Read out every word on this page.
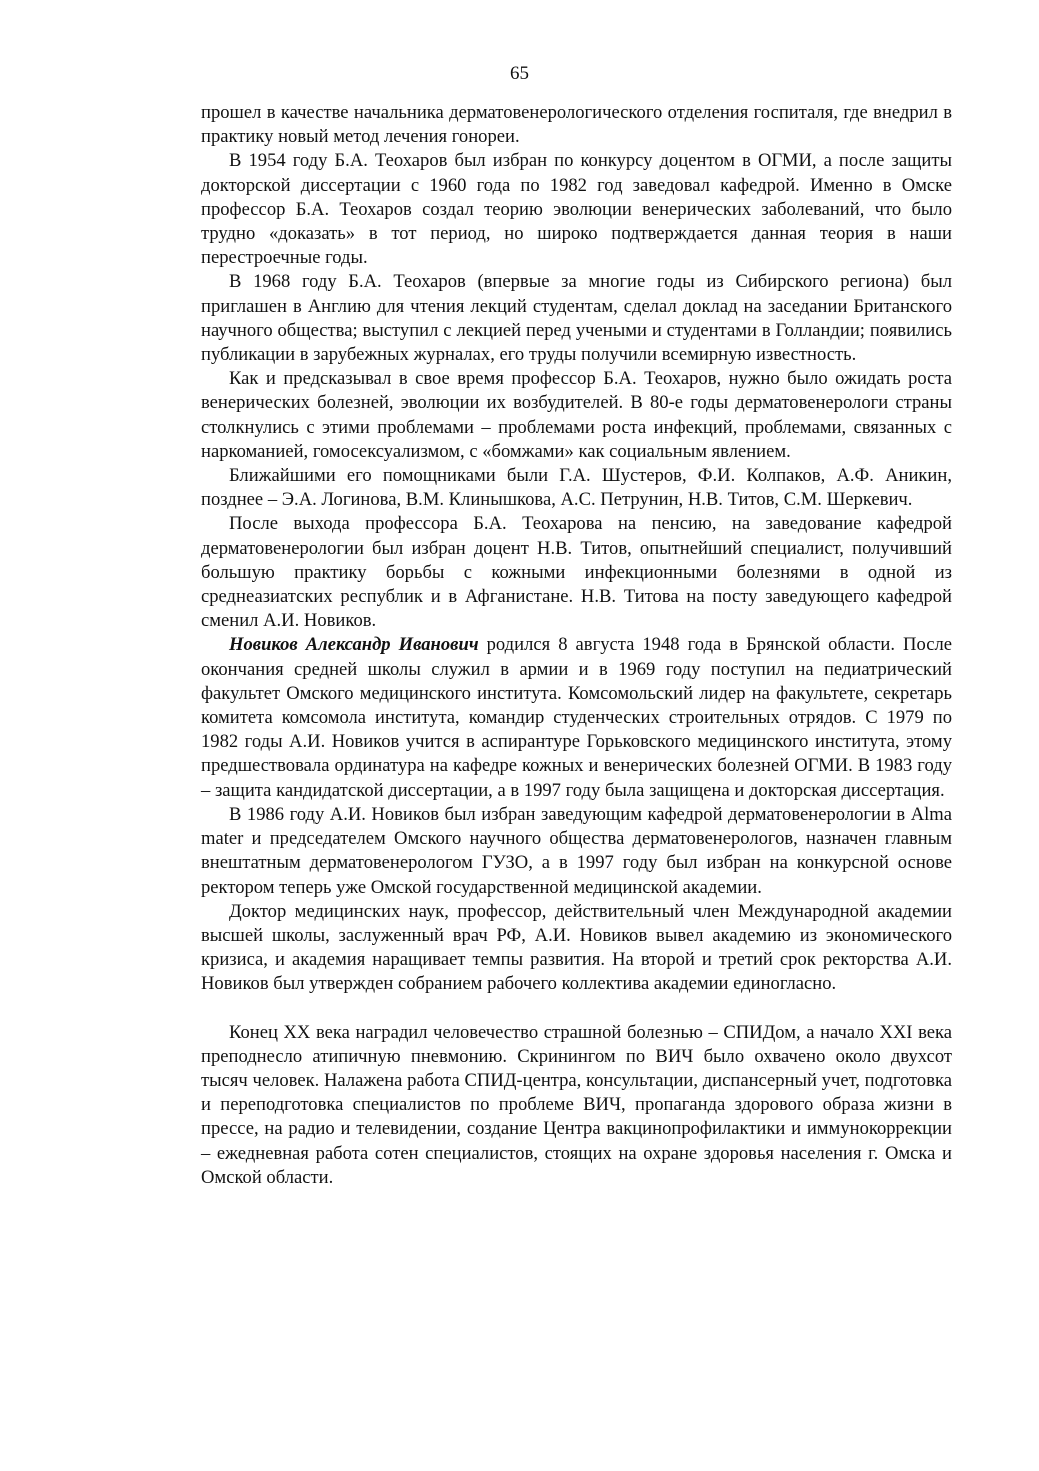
65

прошел в качестве начальника дерматовенерологического отделения госпиталя, где внедрил в практику новый метод лечения гонореи.

В 1954 году Б.А. Теохаров был избран по конкурсу доцентом в ОГМИ, а после защиты докторской диссертации с 1960 года по 1982 год заведовал кафедрой. Именно в Омске профессор Б.А. Теохаров создал теорию эволюции венерических заболеваний, что было трудно «доказать» в тот период, но широко подтверждается данная теория в наши перестроечные годы.

В 1968 году Б.А. Теохаров (впервые за многие годы из Сибирского региона) был приглашен в Англию для чтения лекций студентам, сделал доклад на заседании Британского научного общества; выступил с лекцией перед учеными и студентами в Голландии; появились публикации в зарубежных журналах, его труды получили всемирную известность.

Как и предсказывал в свое время профессор Б.А. Теохаров, нужно было ожидать роста венерических болезней, эволюции их возбудителей. В 80-е годы дерматовенерологи страны столкнулись с этими проблемами – проблемами роста инфекций, проблемами, связанных с наркоманией, гомосексуализмом, с «бомжами» как социальным явлением.

Ближайшими его помощниками были Г.А. Шустеров, Ф.И. Колпаков, А.Ф. Аникин, позднее – Э.А. Логинова, В.М. Клинышкова, А.С. Петрунин, Н.В. Титов, С.М. Шеркевич.

После выхода профессора Б.А. Теохарова на пенсию, на заведование кафедрой дерматовенерологии был избран доцент Н.В. Титов, опытнейший специалист, получивший большую практику борьбы с кожными инфекционными болезнями в одной из среднеазиатских республик и в Афганистане. Н.В. Титова на посту заведующего кафедрой сменил А.И. Новиков.

Новиков Александр Иванович родился 8 августа 1948 года в Брянской области. После окончания средней школы служил в армии и в 1969 году поступил на педиатрический факультет Омского медицинского института. Комсомольский лидер на факультете, секретарь комитета комсомола института, командир студенческих строительных отрядов. С 1979 по 1982 годы А.И. Новиков учится в аспирантуре Горьковского медицинского института, этому предшествовала ординатура на кафедре кожных и венерических болезней ОГМИ. В 1983 году – защита кандидатской диссертации, а в 1997 году была защищена и докторская диссертация.

В 1986 году А.И. Новиков был избран заведующим кафедрой дерматовенерологии в Alma mater и председателем Омского научного общества дерматовенерологов, назначен главным внештатным дерматовенерологом ГУЗО, а в 1997 году был избран на конкурсной основе ректором теперь уже Омской государственной медицинской академии.

Доктор медицинских наук, профессор, действительный член Международной академии высшей школы, заслуженный врач РФ, А.И. Новиков вывел академию из экономического кризиса, и академия наращивает темпы развития. На второй и третий срок ректорства А.И. Новиков был утвержден собранием рабочего коллектива академии единогласно.

Конец XX века наградил человечество страшной болезнью – СПИДом, а начало XXI века преподнесло атипичную пневмонию. Скринингом по ВИЧ было охвачено около двухсот тысяч человек. Налажена работа СПИД-центра, консультации, диспансерный учет, подготовка и переподготовка специалистов по проблеме ВИЧ, пропаганда здорового образа жизни в прессе, на радио и телевидении, создание Центра вакцинопрофилактики и иммунокоррекции – ежедневная работа сотен специалистов, стоящих на охране здоровья населения г. Омска и Омской области.
